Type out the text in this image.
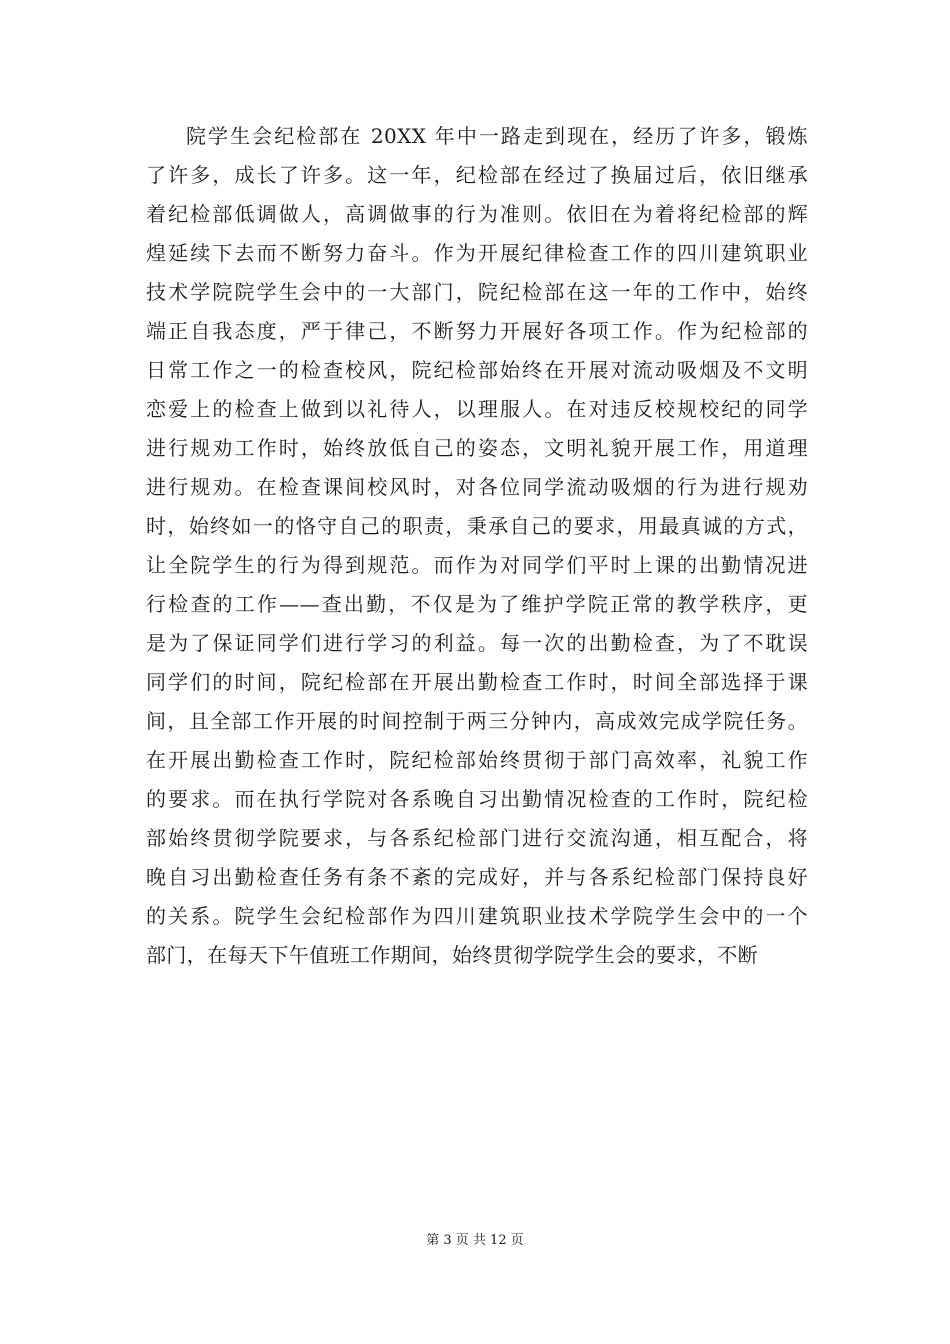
院学生会纪检部在 20XX 年中一路走到现在，经历了许多，锻炼
了许多，成长了许多。这一年，纪检部在经过了换届过后，依旧继承
着纪检部低调做人，高调做事的行为准则。依旧在为着将纪检部的辉
煌延续下去而不断努力奋斗。作为开展纪律检查工作的四川建筑职业
技术学院院学生会中的一大部门，院纪检部在这一年的工作中，始终
端正自我态度，严于律己，不断努力开展好各项工作。作为纪检部的
日常工作之一的检查校风，院纪检部始终在开展对流动吸烟及不文明
恋爱上的检查上做到以礼待人，以理服人。在对违反校规校纪的同学
进行规劝工作时，始终放低自己的姿态，文明礼貌开展工作，用道理
进行规劝。在检查课间校风时，对各位同学流动吸烟的行为进行规劝
时，始终如一的恪守自己的职责，秉承自己的要求，用最真诚的方式，
让全院学生的行为得到规范。而作为对同学们平时上课的出勤情况进
行检查的工作——查出勤，不仅是为了维护学院正常的教学秩序，更
是为了保证同学们进行学习的利益。每一次的出勤检查，为了不耽误
同学们的时间，院纪检部在开展出勤检查工作时，时间全部选择于课
间，且全部工作开展的时间控制于两三分钟内，高成效完成学院任务。
在开展出勤检查工作时，院纪检部始终贯彻于部门高效率，礼貌工作
的要求。而在执行学院对各系晚自习出勤情况检查的工作时，院纪检
部始终贯彻学院要求，与各系纪检部门进行交流沟通，相互配合，将
晚自习出勤检查任务有条不紊的完成好，并与各系纪检部门保持良好
的关系。院学生会纪检部作为四川建筑职业技术学院学生会中的一个
部门，在每天下午值班工作期间，始终贯彻学院学生会的要求，不断
第 3 页 共 12 页
